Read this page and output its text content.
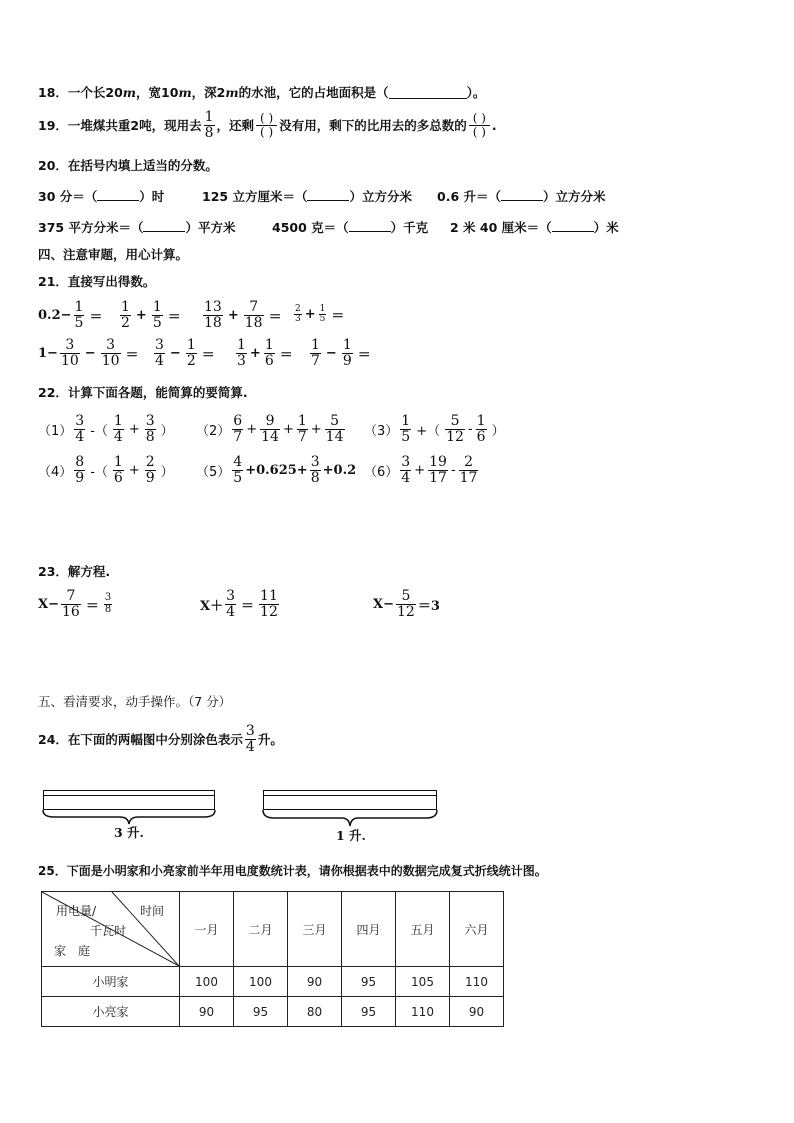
18．一个长20 m ，宽10 m ，深2 m 的水池，它的占地面积是（	）。
19．一堆煤共重2吨，现用去 $\frac{1}{8}$ ，还剩 $\frac{( )}{( )}$ 没有用，剩下的比用去的多总数的 $\frac{( )}{( )}$ .
20．在括号内填上适当的分数。
30 分＝（	）时	125 立方厘米＝（	）立方分米 0.6 升＝（	）立方分米
375 平方分米＝（	）平方米	4500 克＝（	）千克 2 米 40 厘米＝（	）米
四、注意审题，用心计算。
21．直接写出得数。
$0.2- \frac{1}{5} = \frac{1}{2} + \frac{1}{5} = \frac{13}{18} + \frac{7}{18} = \frac{2}{3} + \frac{1}{5}$ ＝
$1- \frac{3}{10} - \frac{3}{10} = \frac{3}{4} - \frac{1}{2} = \frac{1}{3} + \frac{1}{6} = \frac{1}{7} - \frac{1}{9}$ ＝
22．计算下面各题，能简算的要简算.
$(1) \frac{3}{4}$ -（ $\frac{1}{4} + \frac{3}{8}$ ） $(2) \frac{6}{7} + \frac{9}{14} + \frac{1}{7} + \frac{5}{14} (3) \frac{1}{5}$ +（ $\frac{5}{12} - \frac{1}{6}$ ）
$(4) \frac{8}{9}$ -（ $\frac{1}{6} + \frac{2}{9}$ ） $(5) \frac{4}{5} +0.625+ \frac{3}{8} +0.2$ $(6) \frac{3}{4} + \frac{19}{17} - \frac{2}{17}$
23．解方程.
$X- \frac{7}{16} = \frac{3}{8}$	$X+ \frac{3}{4} = \frac{11}{12}$	$X- \frac{5}{12} =3$
五、看清要求，动手操作。（7 分）
24．在下面的两幅图中分别涂色表示 $\frac{3}{4}$ 升。
3 升.	1 升.
25．下面是小明家和小亮家前半年用电度数统计表，请你根据表中的数据完成复式折线统计图。
用电量/ 时间
千瓦时
家　庭	一月	二月	三月	四月	五月	六月
小明家	100	100	90	95	105	110
小亮家	90	95	80	95	110	90
